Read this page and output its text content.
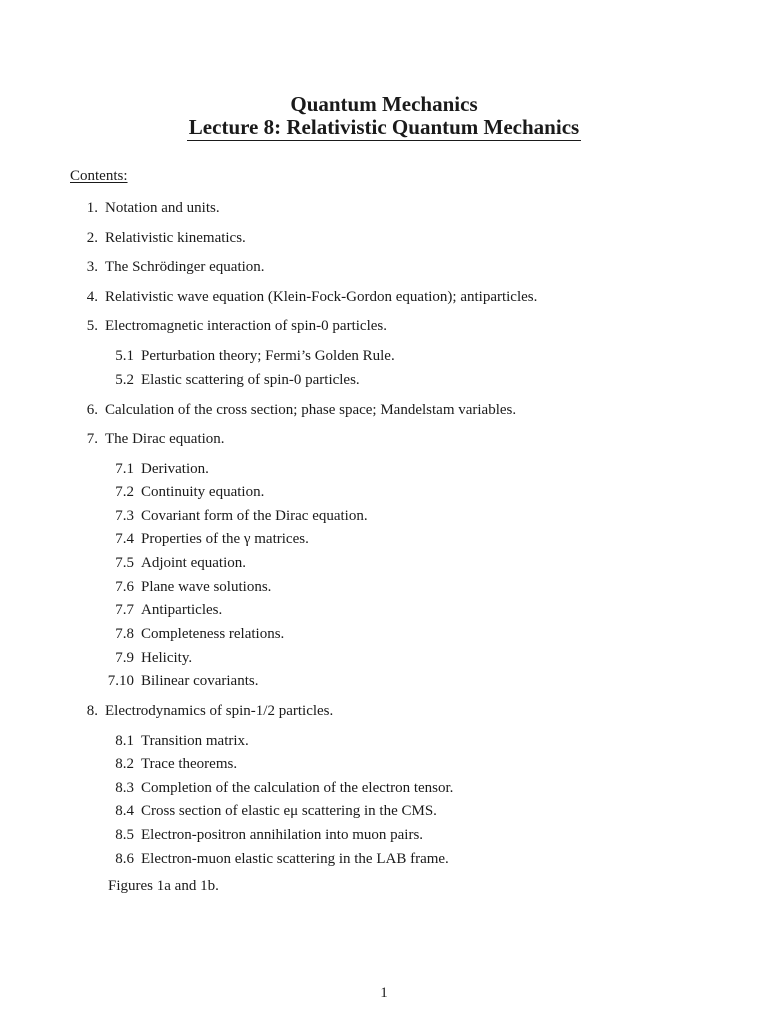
Quantum Mechanics
Lecture 8: Relativistic Quantum Mechanics
Contents:
1. Notation and units.
2. Relativistic kinematics.
3. The Schrödinger equation.
4. Relativistic wave equation (Klein-Fock-Gordon equation); antiparticles.
5. Electromagnetic interaction of spin-0 particles.
5.1 Perturbation theory; Fermi’s Golden Rule.
5.2 Elastic scattering of spin-0 particles.
6. Calculation of the cross section; phase space; Mandelstam variables.
7. The Dirac equation.
7.1 Derivation.
7.2 Continuity equation.
7.3 Covariant form of the Dirac equation.
7.4 Properties of the γ matrices.
7.5 Adjoint equation.
7.6 Plane wave solutions.
7.7 Antiparticles.
7.8 Completeness relations.
7.9 Helicity.
7.10 Bilinear covariants.
8. Electrodynamics of spin-1/2 particles.
8.1 Transition matrix.
8.2 Trace theorems.
8.3 Completion of the calculation of the electron tensor.
8.4 Cross section of elastic eμ scattering in the CMS.
8.5 Electron-positron annihilation into muon pairs.
8.6 Electron-muon elastic scattering in the LAB frame.
Figures 1a and 1b.
1
